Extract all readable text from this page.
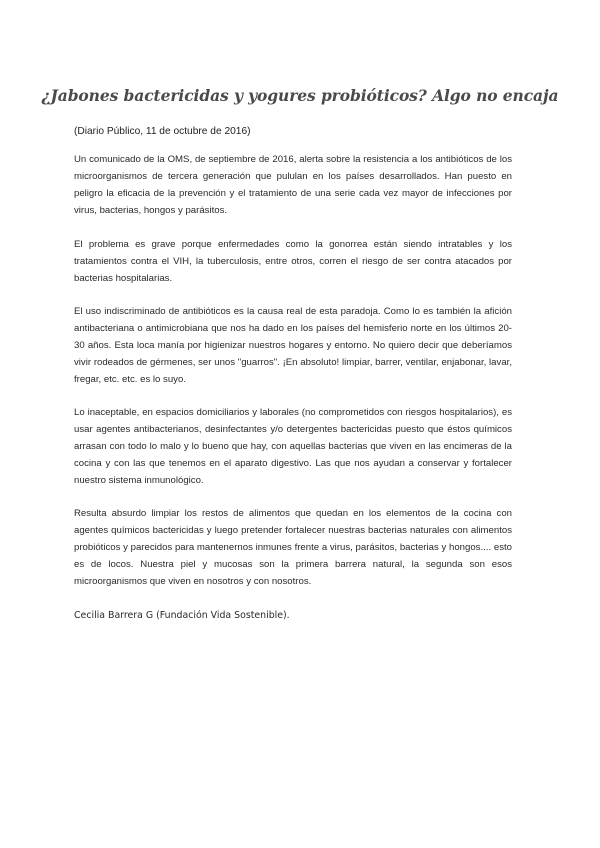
¿Jabones bactericidas y yogures probióticos? Algo no encaja

(Diario Público, 11 de octubre de 2016)

Un comunicado de la OMS, de septiembre de 2016, alerta sobre la resistencia a los antibióticos de los microorganismos de tercera generación que pululan en los países desarrollados. Han puesto en peligro la eficacia de la prevención y el tratamiento de una serie cada vez mayor de infecciones por virus, bacterias, hongos y parásitos.

El problema es grave porque enfermedades como la gonorrea están siendo intratables y los tratamientos contra el VIH, la tuberculosis, entre otros, corren el riesgo de ser contra atacados por bacterias hospitalarias.

El uso indiscriminado de antibióticos es la causa real de esta paradoja. Como lo es también la afición antibacteriana o antimicrobiana que nos ha dado en los países del hemisferio norte en los últimos 20-30 años. Esta loca manía por higienizar nuestros hogares y entorno. No quiero decir que deberíamos vivir rodeados de gérmenes, ser unos "guarros". ¡En absoluto! limpiar, barrer, ventilar, enjabonar, lavar, fregar, etc. etc. es lo suyo.

Lo inaceptable, en espacios domiciliarios y laborales (no comprometidos con riesgos hospitalarios), es usar agentes antibacterianos, desinfectantes y/o detergentes bactericidas puesto que éstos químicos arrasan con todo lo malo y lo bueno que hay, con aquellas bacterias que viven en las encimeras de la cocina y con las que tenemos en el aparato digestivo. Las que nos ayudan a conservar y fortalecer nuestro sistema inmunológico.

Resulta absurdo limpiar los restos de alimentos que quedan en los elementos de la cocina con agentes químicos bactericidas y luego pretender fortalecer nuestras bacterias naturales con alimentos probióticos y parecidos para mantenernos inmunes frente a virus, parásitos, bacterias y hongos.... esto es de locos. Nuestra piel y mucosas son la primera barrera natural, la segunda son esos microorganismos que viven en nosotros y con nosotros.

Cecilia Barrera G (Fundación Vida Sostenible).
